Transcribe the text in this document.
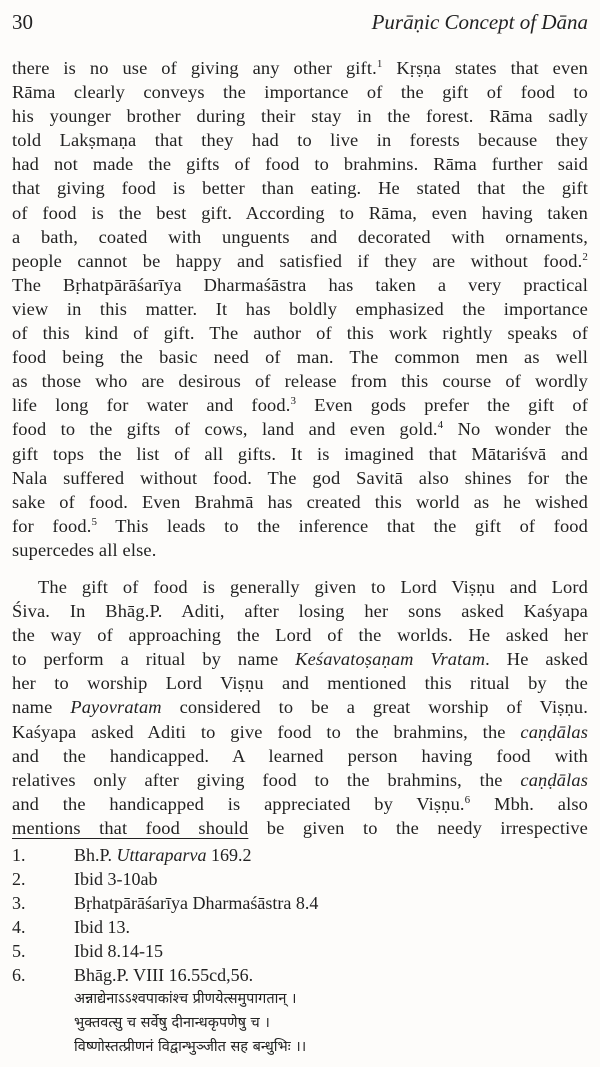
30	Purāṇic Concept of Dāna
there is no use of giving any other gift.$^1$ Kṛṣṇa states that even
Rāma clearly conveys the importance of the gift of food to
his younger brother during their stay in the forest. Rāma sadly
told Lakṣmaṇa that they had to live in forests because they
had not made the gifts of food to brahmins. Rāma further said
that giving food is better than eating. He stated that the gift
of food is the best gift. According to Rāma, even having taken
a bath, coated with unguents and decorated with ornaments,
people cannot be happy and satisfied if they are without food.$^2$
The Bṛhatpārāśarīya Dharmaśāstra has taken a very practical
view in this matter. It has boldly emphasized the importance
of this kind of gift. The author of this work rightly speaks of
food being the basic need of man. The common men as well
as those who are desirous of release from this course of wordly
life long for water and food.$^3$ Even gods prefer the gift of
food to the gifts of cows, land and even gold.$^4$ No wonder the
gift tops the list of all gifts. It is imagined that Mātariśvā and
Nala suffered without food. The god Savitā also shines for the
sake of food. Even Brahmā has created this world as he wished
for food.$^5$ This leads to the inference that the gift of food
supercedes all else.
The gift of food is generally given to Lord Viṣṇu and Lord
Śiva. In Bhāg.P. Aditi, after losing her sons asked Kaśyapa
the way of approaching the Lord of the worlds. He asked her
to perform a ritual by name Keśavatoṣaṇam Vratam. He asked
her to worship Lord Viṣṇu and mentioned this ritual by the
name Payovratam considered to be a great worship of Viṣṇu.
Kaśyapa asked Aditi to give food to the brahmins, the caṇḍālas
and the handicapped. A learned person having food with
relatives only after giving food to the brahmins, the caṇḍālas
and the handicapped is appreciated by Viṣṇu.$^6$ Mbh. also
mentions that food should be given to the needy irrespective
1.	Bh.P. Uttaraparva 169.2
2.	Ibid 3-10ab
3.	Bṛhatpārāśarīya Dharmaśāstra 8.4
4.	Ibid 13.
5.	Ibid 8.14-15
6.	Bhāg.P. VIII 16.55cd,56.
अन्नाद्येनाऽऽश्वपाकांश्च प्रीणयेत्समुपागतान् ।
भुक्तवत्सु च सर्वेषु दीनान्धकृपणेषु च ।
विष्णोस्तत्प्रीणनं विद्वान्भुञ्जीत सह बन्धुभिः ।।
